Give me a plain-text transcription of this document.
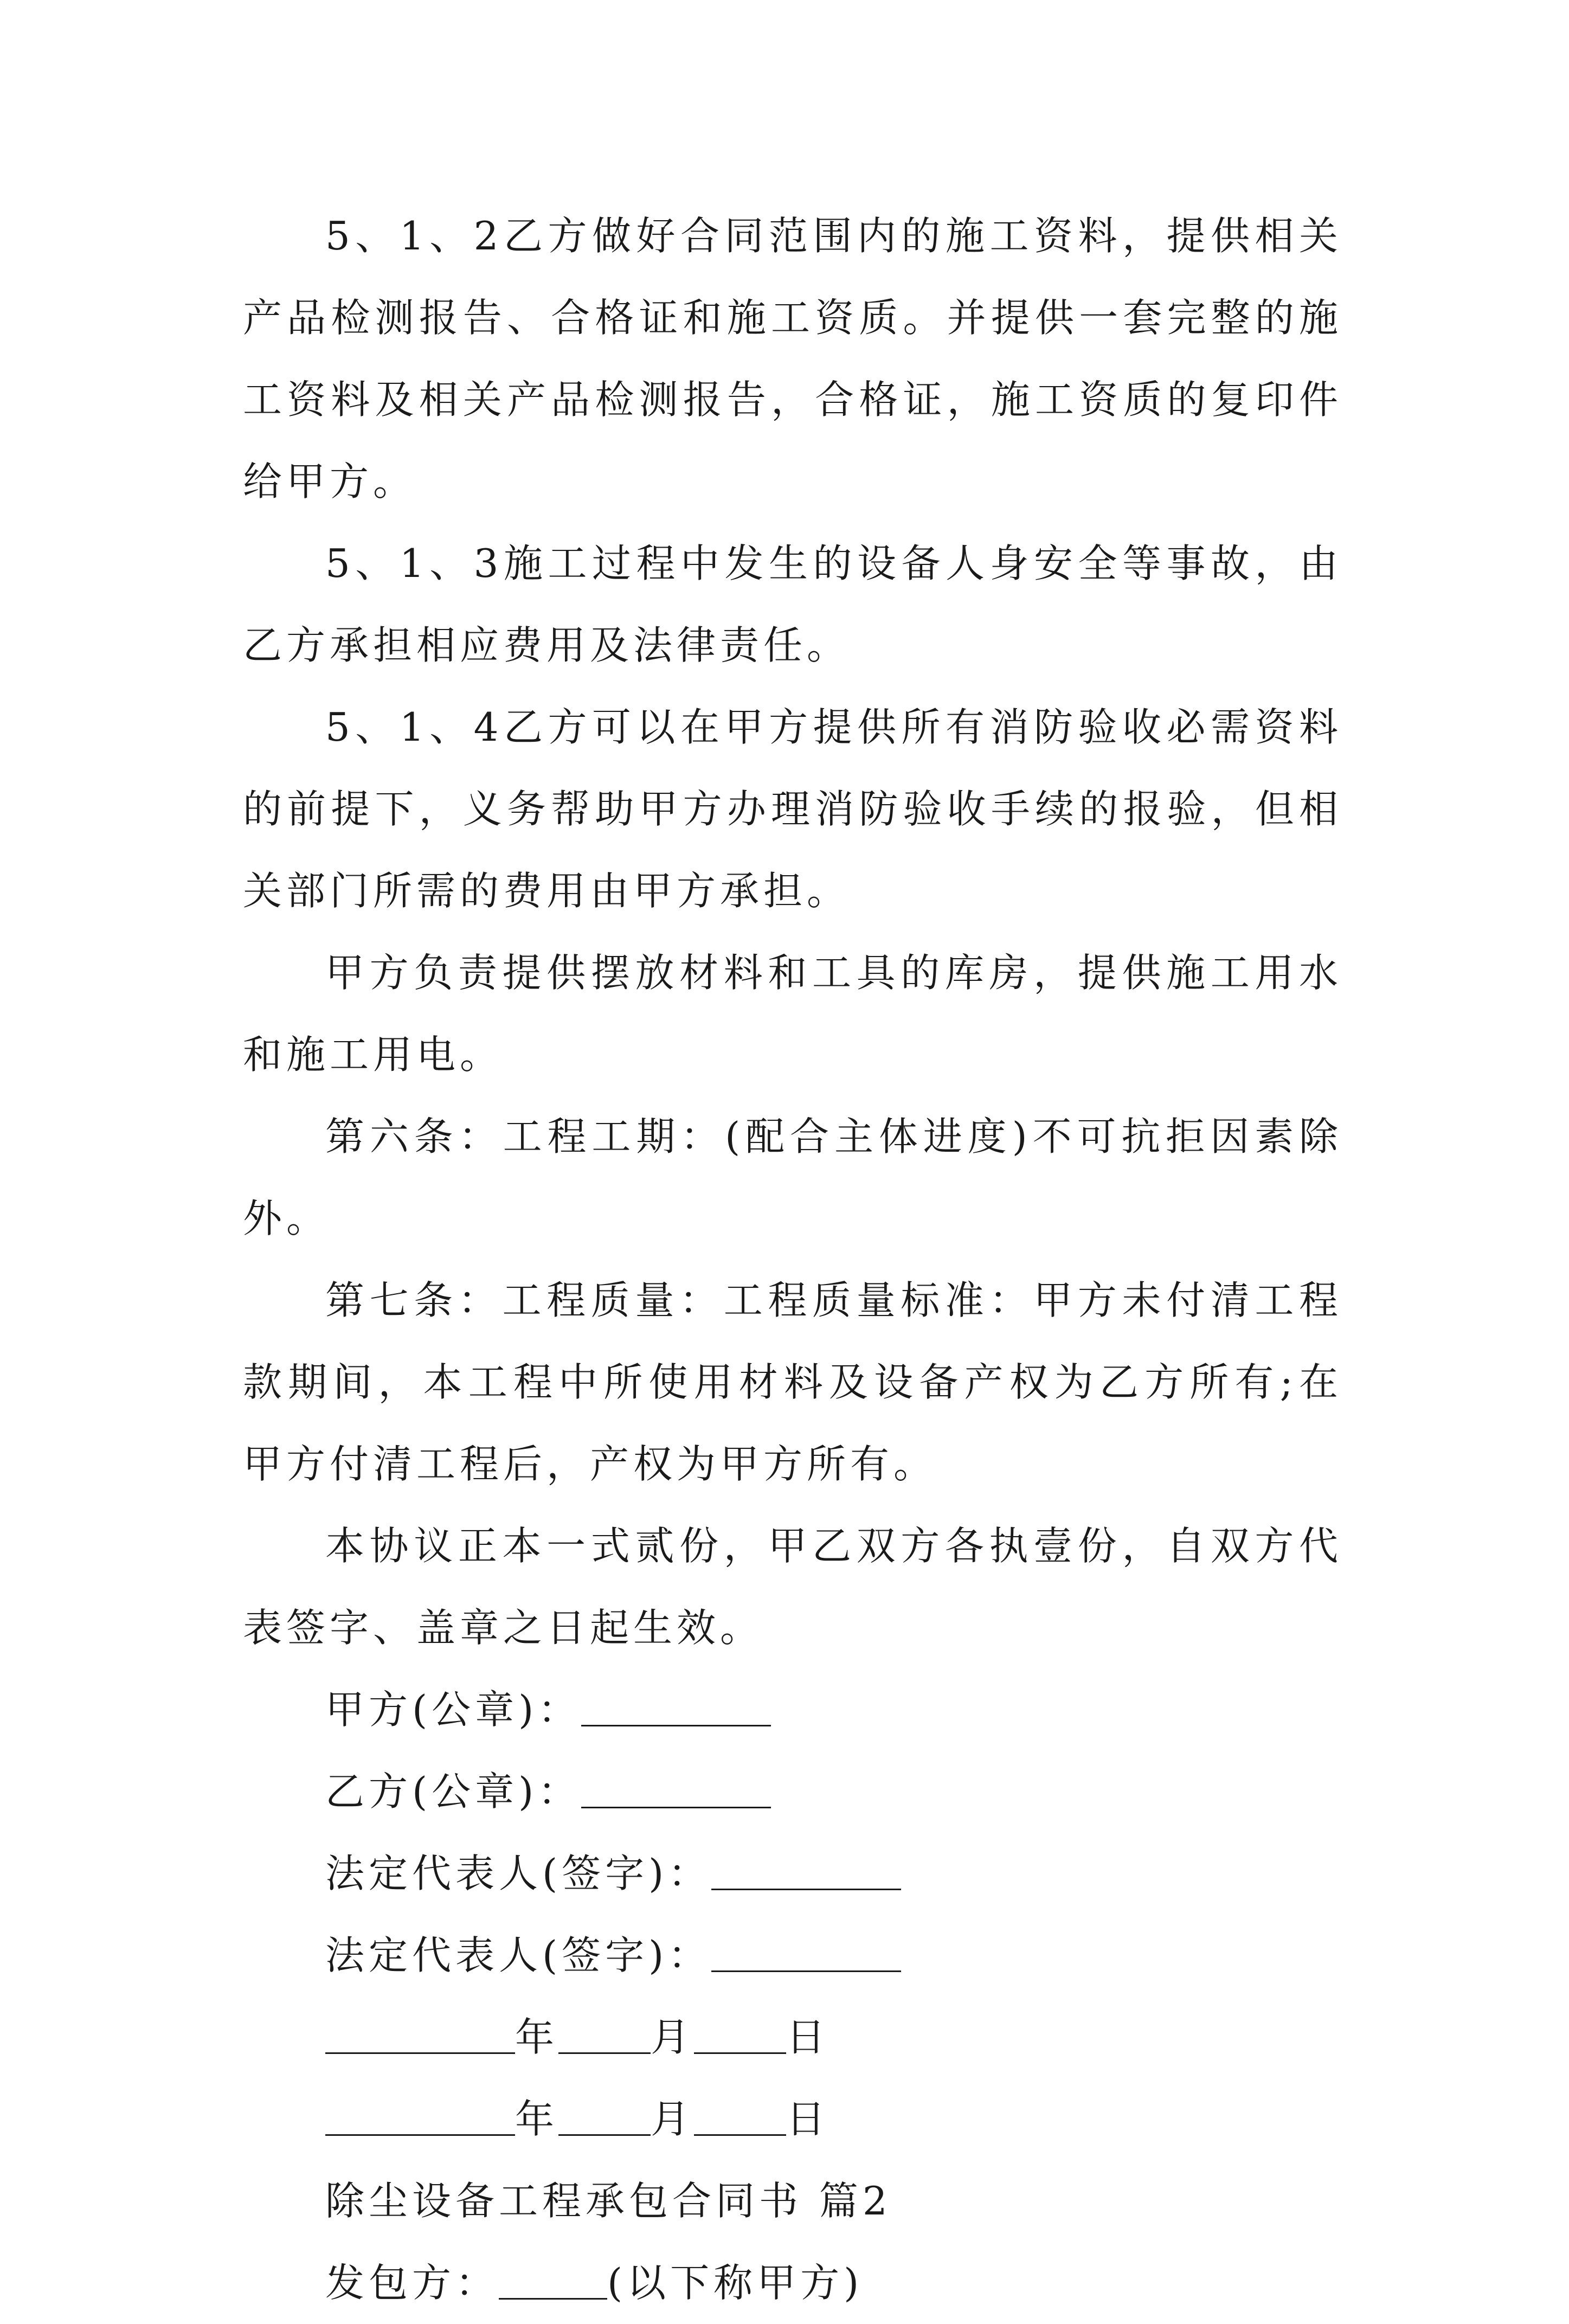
5、1、2乙方做好合同范围内的施工资料，提供相关产品检测报告、合格证和施工资质。并提供一套完整的施工资料及相关产品检测报告，合格证，施工资质的复印件给甲方。

5、1、3施工过程中发生的设备人身安全等事故，由乙方承担相应费用及法律责任。

5、1、4乙方可以在甲方提供所有消防验收必需资料的前提下，义务帮助甲方办理消防验收手续的报验，但相关部门所需的费用由甲方承担。

甲方负责提供摆放材料和工具的库房，提供施工用水和施工用电。

第六条：工程工期：(配合主体进度)不可抗拒因素除外。

第七条：工程质量：工程质量标准：甲方未付清工程款期间，本工程中所使用材料及设备产权为乙方所有;在甲方付清工程后，产权为甲方所有。

本协议正本一式贰份，甲乙双方各执壹份，自双方代表签字、盖章之日起生效。

甲方(公章)：
乙方(公章)：
法定代表人(签字)：
法定代表人(签字)：
年 月 日
年 月 日
除尘设备工程承包合同书 篇2
发包方：	(以下称甲方)
